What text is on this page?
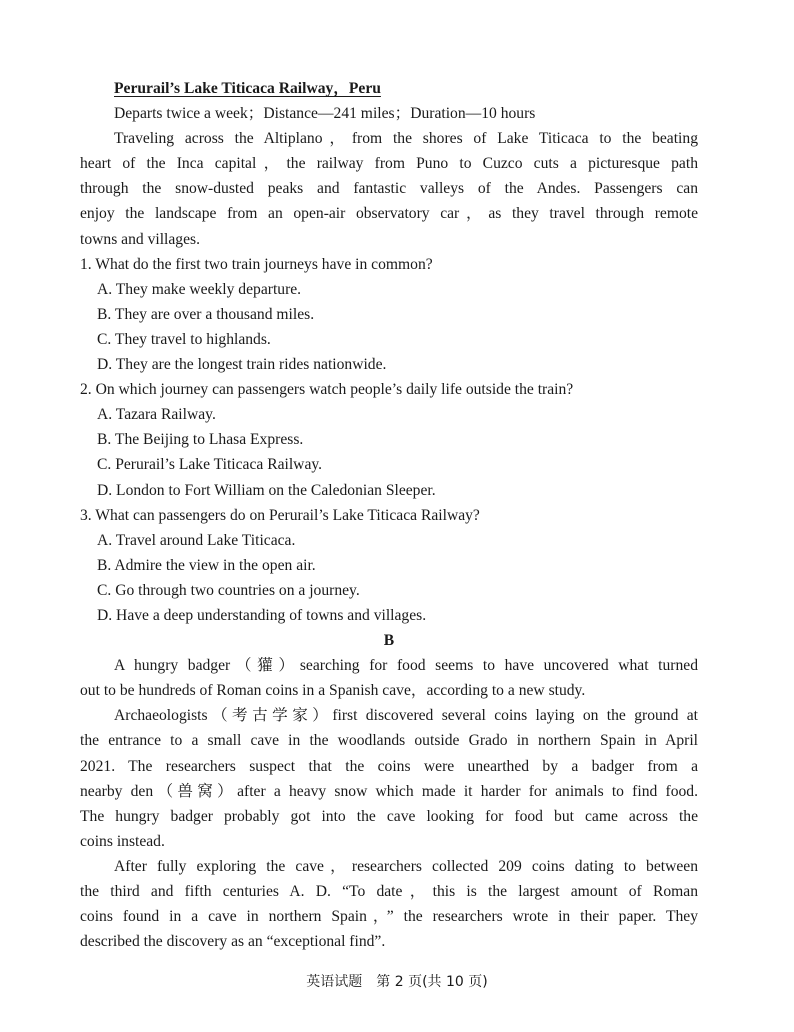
Perurail’s Lake Titicaca Railway，Peru
Departs twice a week；Distance—241 miles；Duration—10 hours
Traveling across the Altiplano，from the shores of Lake Titicaca to the beating
heart of the Inca capital，the railway from Puno to Cuzco cuts a picturesque path
through the snow-dusted peaks and fantastic valleys of the Andes. Passengers can
enjoy the landscape from an open-air observatory car，as they travel through remote
towns and villages.
1. What do the first two train journeys have in common?
A. They make weekly departure.
B. They are over a thousand miles.
C. They travel to highlands.
D. They are the longest train rides nationwide.
2. On which journey can passengers watch people’s daily life outside the train?
A. Tazara Railway.
B. The Beijing to Lhasa Express.
C. Perurail’s Lake Titicaca Railway.
D. London to Fort William on the Caledonian Sleeper.
3. What can passengers do on Perurail’s Lake Titicaca Railway?
A. Travel around Lake Titicaca.
B. Admire the view in the open air.
C. Go through two countries on a journey.
D. Have a deep understanding of towns and villages.
B
A hungry badger（獾）searching for food seems to have uncovered what turned
out to be hundreds of Roman coins in a Spanish cave，according to a new study.
Archaeologists（考古学家）first discovered several coins laying on the ground at
the entrance to a small cave in the woodlands outside Grado in northern Spain in April
2021. The researchers suspect that the coins were unearthed by a badger from a
nearby den（兽窝）after a heavy snow which made it harder for animals to find food.
The hungry badger probably got into the cave looking for food but came across the
coins instead.
After fully exploring the cave，researchers collected 209 coins dating to between
the third and fifth centuries A. D. “To date，this is the largest amount of Roman
coins found in a cave in northern Spain，” the researchers wrote in their paper. They
described the discovery as an “exceptional find”.
英语试题　第 2 页(共 10 页)
